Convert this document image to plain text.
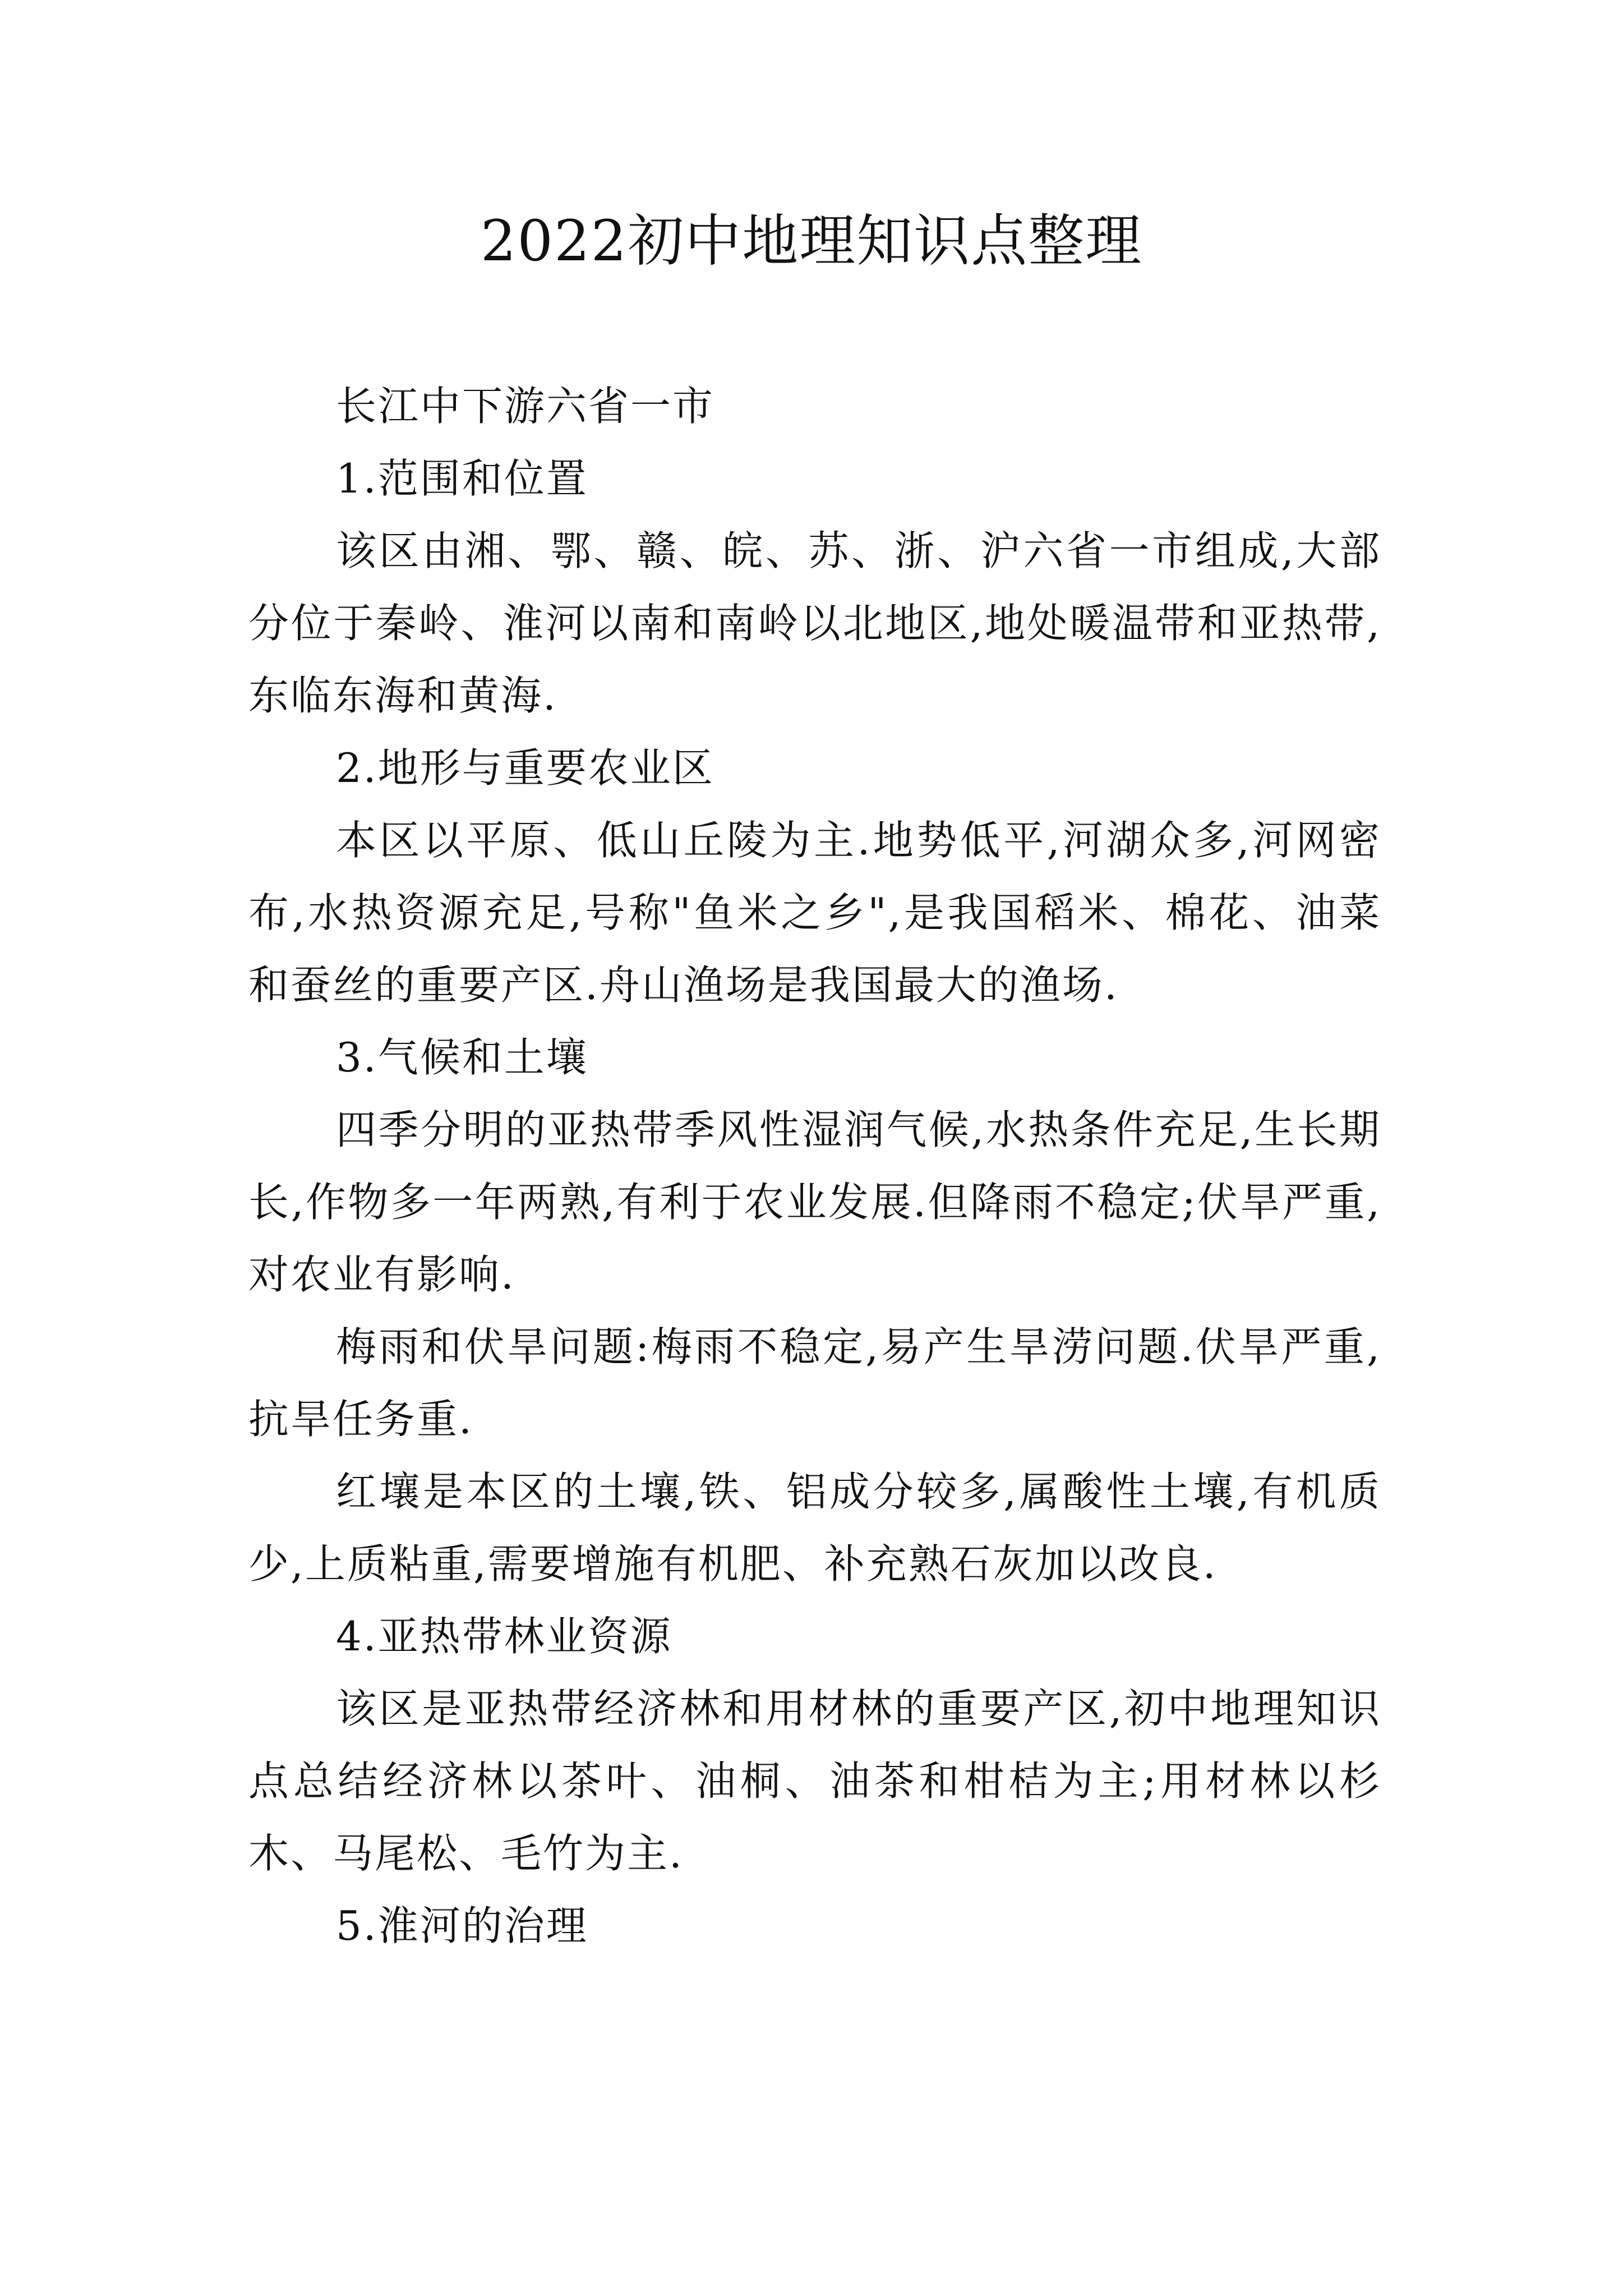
2022初中地理知识点整理

长江中下游六省一市

1.范围和位置

该区由湘、鄂、赣、皖、苏、浙、沪六省一市组成,大部分位于秦岭、淮河以南和南岭以北地区,地处暖温带和亚热带,东临东海和黄海.

2.地形与重要农业区

本区以平原、低山丘陵为主.地势低平,河湖众多,河网密布,水热资源充足,号称"鱼米之乡",是我国稻米、棉花、油菜和蚕丝的重要产区.舟山渔场是我国最大的渔场.

3.气候和土壤

四季分明的亚热带季风性湿润气候,水热条件充足,生长期长,作物多一年两熟,有利于农业发展.但降雨不稳定;伏旱严重,对农业有影响.

梅雨和伏旱问题:梅雨不稳定,易产生旱涝问题.伏旱严重,抗旱任务重.

红壤是本区的土壤,铁、铝成分较多,属酸性土壤,有机质少,上质粘重,需要增施有机肥、补充熟石灰加以改良.

4.亚热带林业资源

该区是亚热带经济林和用材林的重要产区,初中地理知识点总结经济林以茶叶、油桐、油茶和柑桔为主;用材林以杉木、马尾松、毛竹为主.

5.淮河的治理
